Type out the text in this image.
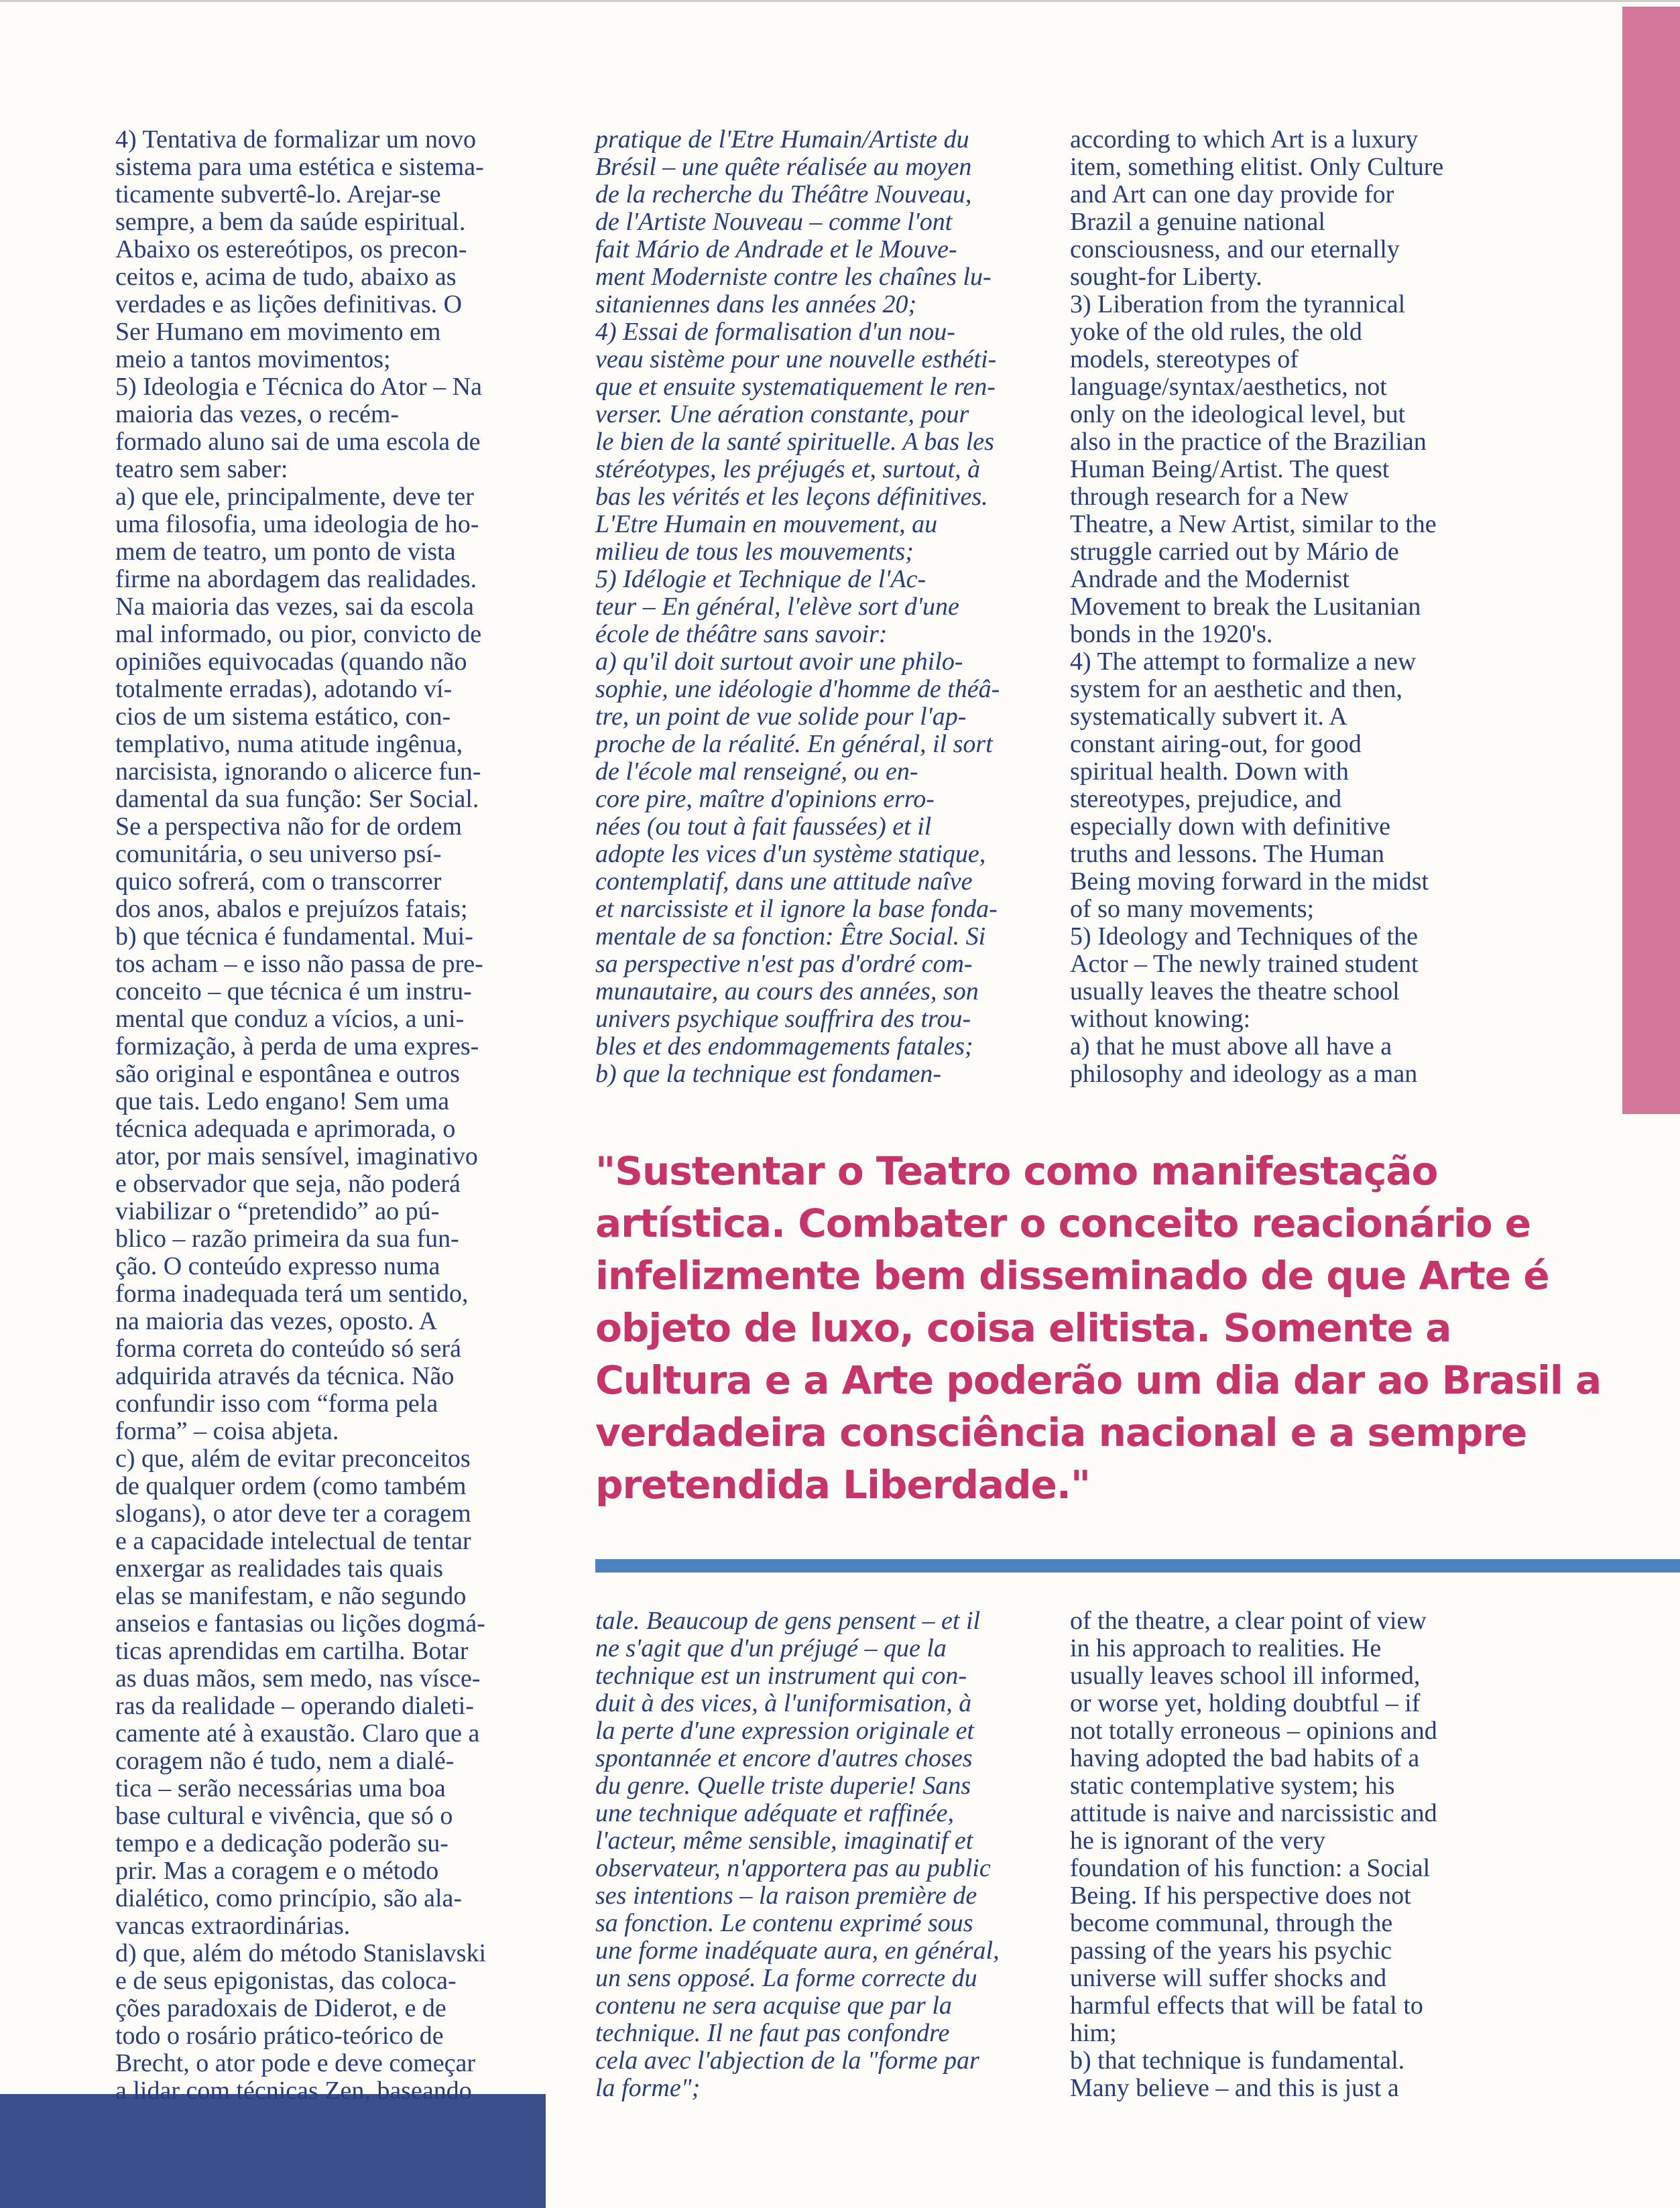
4) Tentativa de formalizar um novo
sistema para uma estética e sistema-
ticamente subvertê-lo. Arejar-se
sempre, a bem da saúde espiritual.
Abaixo os estereótipos, os precon-
ceitos e, acima de tudo, abaixo as
verdades e as lições definitivas. O
Ser Humano em movimento em
meio a tantos movimentos;
5) Ideologia e Técnica do Ator – Na
maioria das vezes, o recém-
formado aluno sai de uma escola de
teatro sem saber:
a) que ele, principalmente, deve ter
uma filosofia, uma ideologia de ho-
mem de teatro, um ponto de vista
firme na abordagem das realidades.
Na maioria das vezes, sai da escola
mal informado, ou pior, convicto de
opiniões equivocadas (quando não
totalmente erradas), adotando ví-
cios de um sistema estático, con-
templativo, numa atitude ingênua,
narcisista, ignorando o alicerce fun-
damental da sua função: Ser Social.
Se a perspectiva não for de ordem
comunitária, o seu universo psí-
quico sofrerá, com o transcorrer
dos anos, abalos e prejuízos fatais;
b) que técnica é fundamental. Mui-
tos acham – e isso não passa de pre-
conceito – que técnica é um instru-
mental que conduz a vícios, a uni-
formização, à perda de uma expres-
são original e espontânea e outros
que tais. Ledo engano! Sem uma
técnica adequada e aprimorada, o
ator, por mais sensível, imaginativo
e observador que seja, não poderá
viabilizar o “pretendido” ao pú-
blico – razão primeira da sua fun-
ção. O conteúdo expresso numa
forma inadequada terá um sentido,
na maioria das vezes, oposto. A
forma correta do conteúdo só será
adquirida através da técnica. Não
confundir isso com “forma pela
forma” – coisa abjeta.
c) que, além de evitar preconceitos
de qualquer ordem (como também
slogans), o ator deve ter a coragem
e a capacidade intelectual de tentar
enxergar as realidades tais quais
elas se manifestam, e não segundo
anseios e fantasias ou lições dogmá-
ticas aprendidas em cartilha. Botar
as duas mãos, sem medo, nas vísce-
ras da realidade – operando dialeti-
camente até à exaustão. Claro que a
coragem não é tudo, nem a dialé-
tica – serão necessárias uma boa
base cultural e vivência, que só o
tempo e a dedicação poderão su-
prir. Mas a coragem e o método
dialético, como princípio, são ala-
vancas extraordinárias.
d) que, além do método Stanislavski
e de seus epigonistas, das coloca-
ções paradoxais de Diderot, e de
todo o rosário prático-teórico de
Brecht, o ator pode e deve começar
a lidar com técnicas Zen, baseando
pratique de l'Etre Humain/Artiste du
Brésil – une quête réalisée au moyen
de la recherche du Théâtre Nouveau,
de l'Artiste Nouveau – comme l'ont
fait Mário de Andrade et le Mouve-
ment Moderniste contre les chaînes lu-
sitaniennes dans les années 20;
4) Essai de formalisation d'un nou-
veau sistème pour une nouvelle esthéti-
que et ensuite systematiquement le ren-
verser. Une aération constante, pour
le bien de la santé spirituelle. A bas les
stéréotypes, les préjugés et, surtout, à
bas les vérités et les leçons définitives.
L'Etre Humain en mouvement, au
milieu de tous les mouvements;
5) Idélogie et Technique de l'Ac-
teur – En général, l'elève sort d'une
école de théâtre sans savoir:
a) qu'il doit surtout avoir une philo-
sophie, une idéologie d'homme de théâ-
tre, un point de vue solide pour l'ap-
proche de la réalité. En général, il sort
de l'école mal renseigné, ou en-
core pire, maître d'opinions erro-
nées (ou tout à fait faussées) et il
adopte les vices d'un système statique,
contemplatif, dans une attitude naîve
et narcissiste et il ignore la base fonda-
mentale de sa fonction: Être Social. Si
sa perspective n'est pas d'ordré com-
munautaire, au cours des années, son
univers psychique souffrira des trou-
bles et des endommagements fatales;
b) que la technique est fondamen-
according to which Art is a luxury
item, something elitist. Only Culture
and Art can one day provide for
Brazil a genuine national
consciousness, and our eternally
sought-for Liberty.
3) Liberation from the tyrannical
yoke of the old rules, the old
models, stereotypes of
language/syntax/aesthetics, not
only on the ideological level, but
also in the practice of the Brazilian
Human Being/Artist. The quest
through research for a New
Theatre, a New Artist, similar to the
struggle carried out by Mário de
Andrade and the Modernist
Movement to break the Lusitanian
bonds in the 1920's.
4) The attempt to formalize a new
system for an aesthetic and then,
systematically subvert it. A
constant airing-out, for good
spiritual health. Down with
stereotypes, prejudice, and
especially down with definitive
truths and lessons. The Human
Being moving forward in the midst
of so many movements;
5) Ideology and Techniques of the
Actor – The newly trained student
usually leaves the theatre school
without knowing:
a) that he must above all have a
philosophy and ideology as a man
"Sustentar o Teatro como manifestação artística. Combater o conceito reacionário e infelizmente bem disseminado de que Arte é objeto de luxo, coisa elitista. Somente a Cultura e a Arte poderão um dia dar ao Brasil a verdadeira consciência nacional e a sempre pretendida Liberdade."
tale. Beaucoup de gens pensent – et il
ne s'agit que d'un préjugé – que la
technique est un instrument qui con-
duit à des vices, à l'uniformisation, à
la perte d'une expression originale et
spontannée et encore d'autres choses
du genre. Quelle triste duperie! Sans
une technique adéquate et raffinée,
l'acteur, même sensible, imaginatif et
observateur, n'apportera pas au public
ses intentions – la raison première de
sa fonction. Le contenu exprimé sous
une forme inadéquate aura, en général,
un sens opposé. La forme correcte du
contenu ne sera acquise que par la
technique. Il ne faut pas confondre
cela avec l'abjection de la "forme par
la forme";
of the theatre, a clear point of view
in his approach to realities. He
usually leaves school ill informed,
or worse yet, holding doubtful – if
not totally erroneous – opinions and
having adopted the bad habits of a
static contemplative system; his
attitude is naive and narcissistic and
he is ignorant of the very
foundation of his function: a Social
Being. If his perspective does not
become communal, through the
passing of the years his psychic
universe will suffer shocks and
harmful effects that will be fatal to
him;
b) that technique is fundamental.
Many believe – and this is just a
